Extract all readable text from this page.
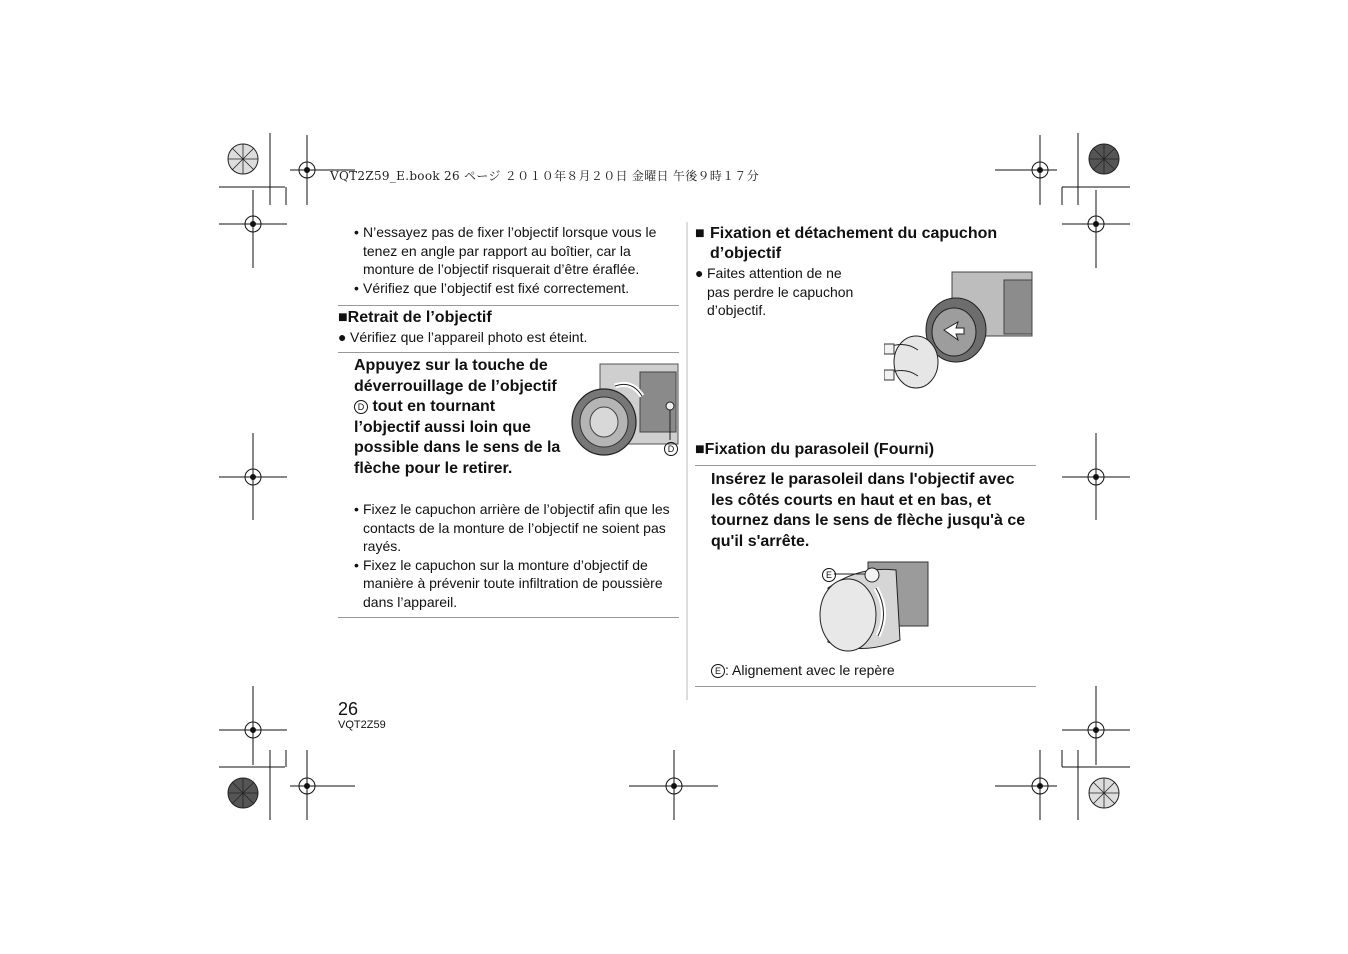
VQT2Z59_E.book 26 ページ ２０１０年８月２０日 金曜日 午後９時１７分
• N’essayez pas de fixer l’objectif lorsque vous le tenez en angle par rapport au boîtier, car la monture de l’objectif risquerait d’être éraflée.
• Vérifiez que l’objectif est fixé correctement.
■Retrait de l’objectif
● Vérifiez que l’appareil photo est éteint.
Appuyez sur la touche de déverrouillage de l’objectif D tout en tournant l’objectif aussi loin que possible dans le sens de la flèche pour le retirer.
D
• Fixez le capuchon arrière de l’objectif afin que les contacts de la monture de l’objectif ne soient pas rayés.
• Fixez le capuchon sur la monture d’objectif de manière à prévenir toute infiltration de poussière dans l’appareil.
■ Fixation et détachement du capuchon d’objectif
● Faites attention de ne pas perdre le capuchon d’objectif.
■Fixation du parasoleil (Fourni)
Insérez le parasoleil dans l'objectif avec les côtés courts en haut et en bas, et tournez dans le sens de flèche jusqu'à ce qu'il s'arrête.
E
E : Alignement avec le repère
26
VQT2Z59
